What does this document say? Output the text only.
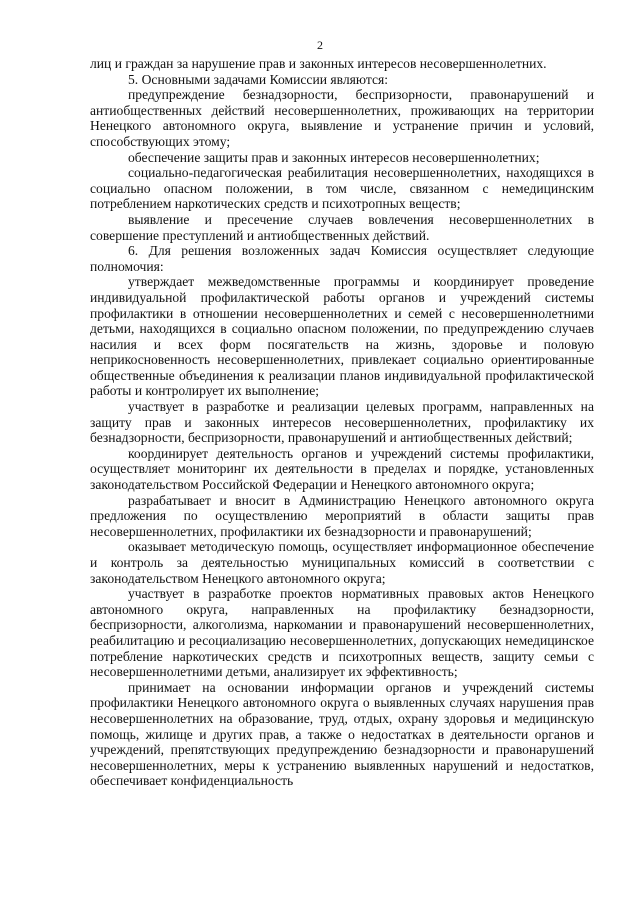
2

лиц и граждан за нарушение прав и законных интересов несовершеннолетних.

5. Основными задачами Комиссии являются:

предупреждение безнадзорности, беспризорности, правонарушений и антиобщественных действий несовершеннолетних, проживающих на территории Ненецкого автономного округа, выявление и устранение причин и условий, способствующих этому;

обеспечение защиты прав и законных интересов несовершеннолетних;

социально-педагогическая реабилитация несовершеннолетних, находящихся в социально опасном положении, в том числе, связанном с немедицинским потреблением наркотических средств и психотропных веществ;

выявление и пресечение случаев вовлечения несовершеннолетних в совершение преступлений и антиобщественных действий.

6. Для решения возложенных задач Комиссия осуществляет следующие полномочия:

утверждает межведомственные программы и координирует проведение индивидуальной профилактической работы органов и учреждений системы профилактики в отношении несовершеннолетних и семей с несовершеннолетними детьми, находящихся в социально опасном положении, по предупреждению случаев насилия и всех форм посягательств на жизнь, здоровье и половую неприкосновенность несовершеннолетних, привлекает социально ориентированные общественные объединения к реализации планов индивидуальной профилактической работы и контролирует их выполнение;

участвует в разработке и реализации целевых программ, направленных на защиту прав и законных интересов несовершеннолетних, профилактику их безнадзорности, беспризорности, правонарушений и антиобщественных действий;

координирует деятельность органов и учреждений системы профилактики, осуществляет мониторинг их деятельности в пределах и порядке, установленных законодательством Российской Федерации и Ненецкого автономного округа;

разрабатывает и вносит в Администрацию Ненецкого автономного округа предложения по осуществлению мероприятий в области защиты прав несовершеннолетних, профилактики их безнадзорности и правонарушений;

оказывает методическую помощь, осуществляет информационное обеспечение и контроль за деятельностью муниципальных комиссий в соответствии с законодательством Ненецкого автономного округа;

участвует в разработке проектов нормативных правовых актов Ненецкого автономного округа, направленных на профилактику безнадзорности, беспризорности, алкоголизма, наркомании и правонарушений несовершеннолетних, реабилитацию и ресоциализацию несовершеннолетних, допускающих немедицинское потребление наркотических средств и психотропных веществ, защиту семьи с несовершеннолетними детьми, анализирует их эффективность;

принимает на основании информации органов и учреждений системы профилактики Ненецкого автономного округа о выявленных случаях нарушения прав несовершеннолетних на образование, труд, отдых, охрану здоровья и медицинскую помощь, жилище и других прав, а также о недостатках в деятельности органов и учреждений, препятствующих предупреждению безнадзорности и правонарушений несовершеннолетних, меры к устранению выявленных нарушений и недостатков, обеспечивает конфиденциальность
